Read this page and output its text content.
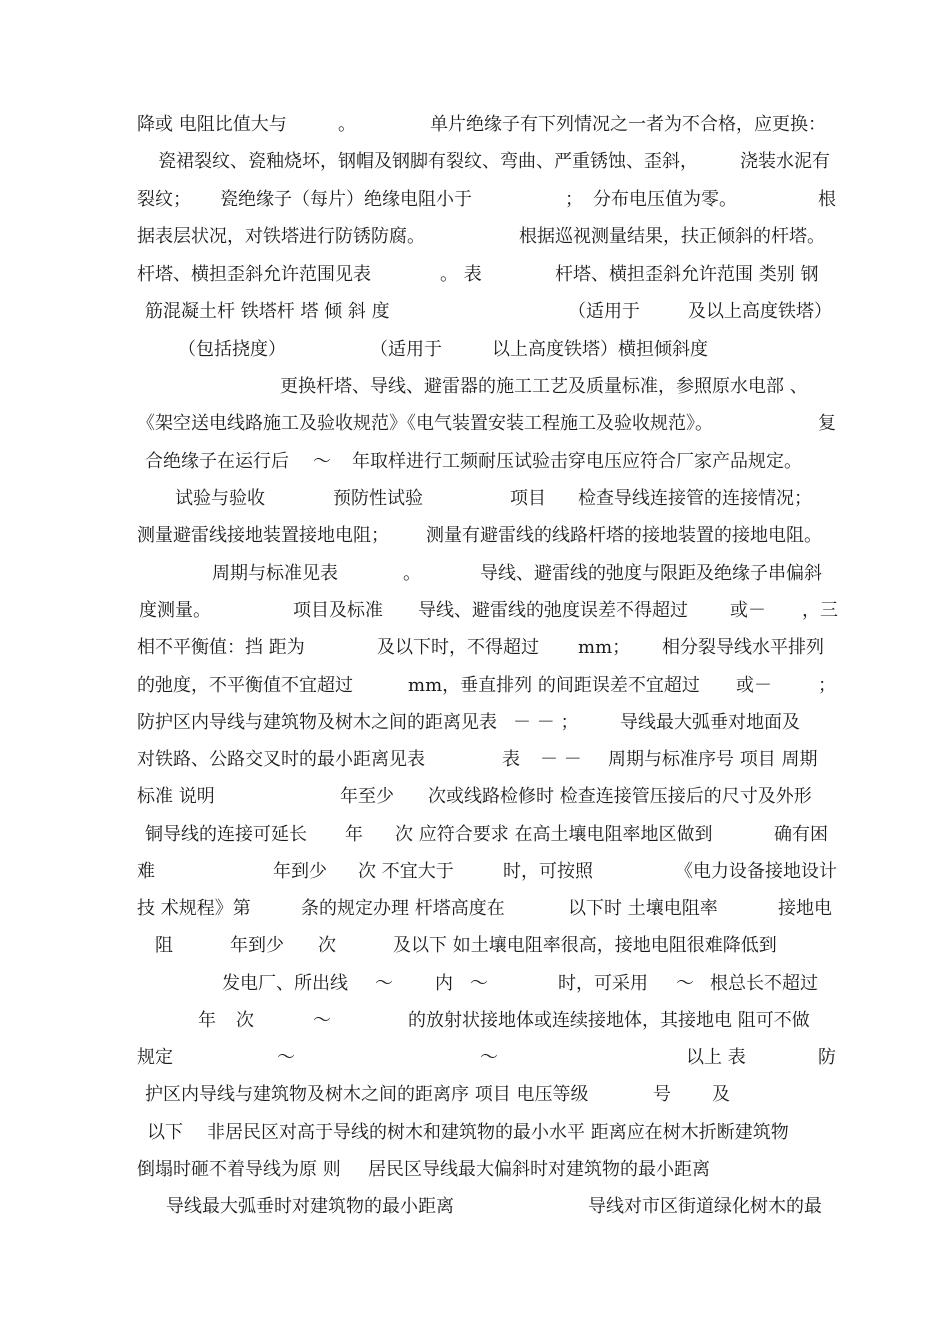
降或 电阻比值大与	。	单片绝缘子有下列情况之一者为不合格，应更换：
瓷裙裂纹、瓷釉烧坏，钢帽及钢脚有裂纹、弯曲、严重锈蚀、歪斜， 浇装水泥有
裂纹； 瓷绝缘子（每片）绝缘电阻小于	； 分布电压值为零。	根
据表层状况，对铁塔进行防锈防腐。	根据巡视测量结果，扶正倾斜的杆塔。
杆塔、横担歪斜允许范围见表	。 表	杆塔、横担歪斜允许范围 类别 钢
筋混凝土杆 铁塔杆 塔 倾 斜 度	（适用于	及以上高度铁塔）
（包括挠度）	（适用于	以上高度铁塔）横担倾斜度
更换杆塔、导线、避雷器的施工工艺及质量标准，参照原水电部 、
《架空送电线路施工及验收规范》《电气装置安装工程施工及验收规范》。	复
合绝缘子在运行后 ～ 年取样进行工频耐压试验击穿电压应符合厂家产品规定。
试验与验收	预防性试验	项目 检查导线连接管的连接情况；
测量避雷线接地装置接地电阻； 测量有避雷线的线路杆塔的接地装置的接地电阻。
周期与标准见表	。	导线、避雷线的弛度与限距及绝缘子串偏斜
度测量。	项目及标准 导线、避雷线的弛度误差不得超过 或－ ，三
相不平衡值：挡 距为	及以下时，不得超过 mm； 相分裂导线水平排列
的弛度，不平衡值不宜超过	mm，垂直排列 的间距误差不宜超过 或－	；
防护区内导线与建筑物及树木之间的距离见表 － － ； 导线最大弧垂对地面及
对铁路、公路交叉时的最小距离见表	表 － － 周期与标准序号 项目 周期
标准 说明	年至少 次或线路检修时 检查连接管压接后的尺寸及外形
铜导线的连接可延长 年 次 应符合要求 在高土壤电阻率地区做到	确有困
难	年到少 次 不宜大于	时，可按照	《电力设备接地设计
技 术规程》第	条的规定办理 杆塔高度在	以下时 土壤电阻率	接地电
阻	年到少 次	及以下 如土壤电阻率很高，接地电阻很难降低到
发电厂、所出线 ～ 内 ～	时，可采用 ～ 根总长不超过
年 次	～	的放射状接地体或连续接地体，其接地电 阻可不做
规定	～	～	以上 表	防
护区内导线与建筑物及树木之间的距离序 项目 电压等级	号 及
以下 非居民区对高于导线的树木和建筑物的最小水平 距离应在树木折断建筑物
倒塌时砸不着导线为原 则 居民区导线最大偏斜时对建筑物的最小距离
导线最大弧垂时对建筑物的最小距离	导线对市区街道绿化树木的最
